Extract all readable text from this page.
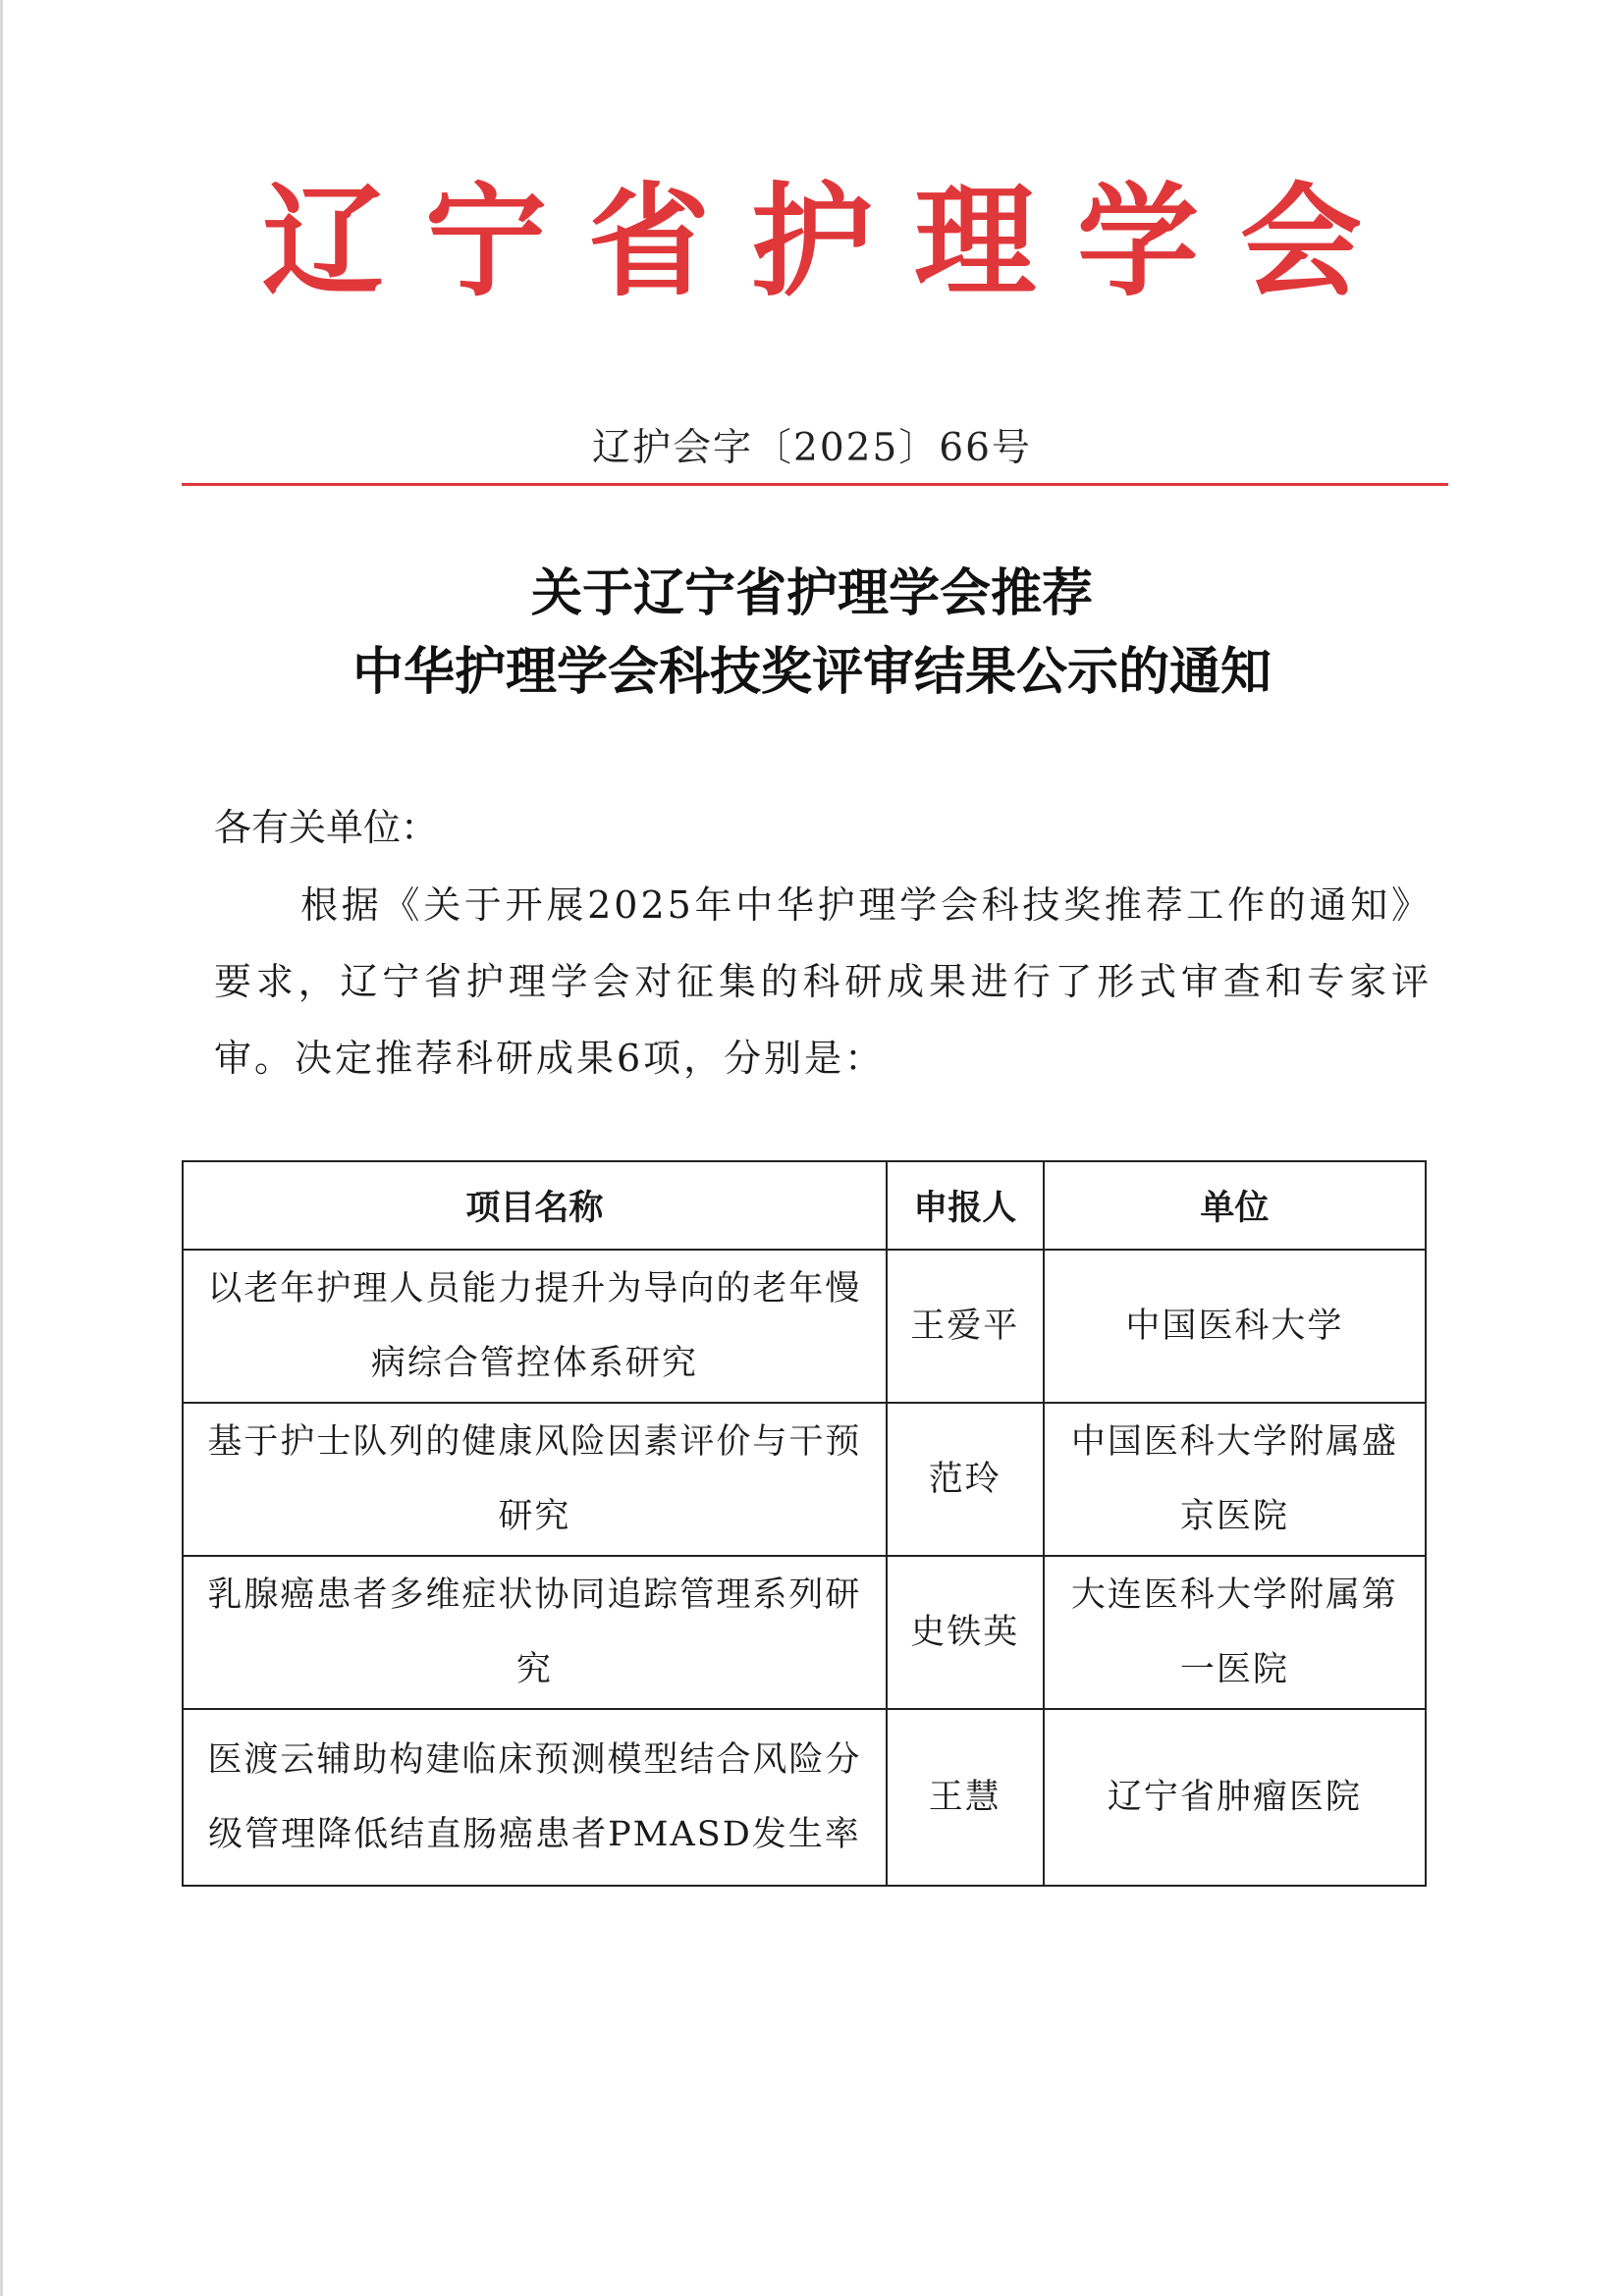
辽宁省护理学会
辽护会字〔2025〕66号
关于辽宁省护理学会推荐
中华护理学会科技奖评审结果公示的通知
各有关单位：
根据《关于开展2025年中华护理学会科技奖推荐工作的通知》要求，辽宁省护理学会对征集的科研成果进行了形式审查和专家评审。决定推荐科研成果6项，分别是：
项目名称	申报人	单位
以老年护理人员能力提升为导向的老年慢病综合管控体系研究	王爱平	中国医科大学
基于护士队列的健康风险因素评价与干预研究	范玲	中国医科大学附属盛京医院
乳腺癌患者多维症状协同追踪管理系列研究	史铁英	大连医科大学附属第一医院
医渡云辅助构建临床预测模型结合风险分级管理降低结直肠癌患者PMASD发生率	王慧	辽宁省肿瘤医院
